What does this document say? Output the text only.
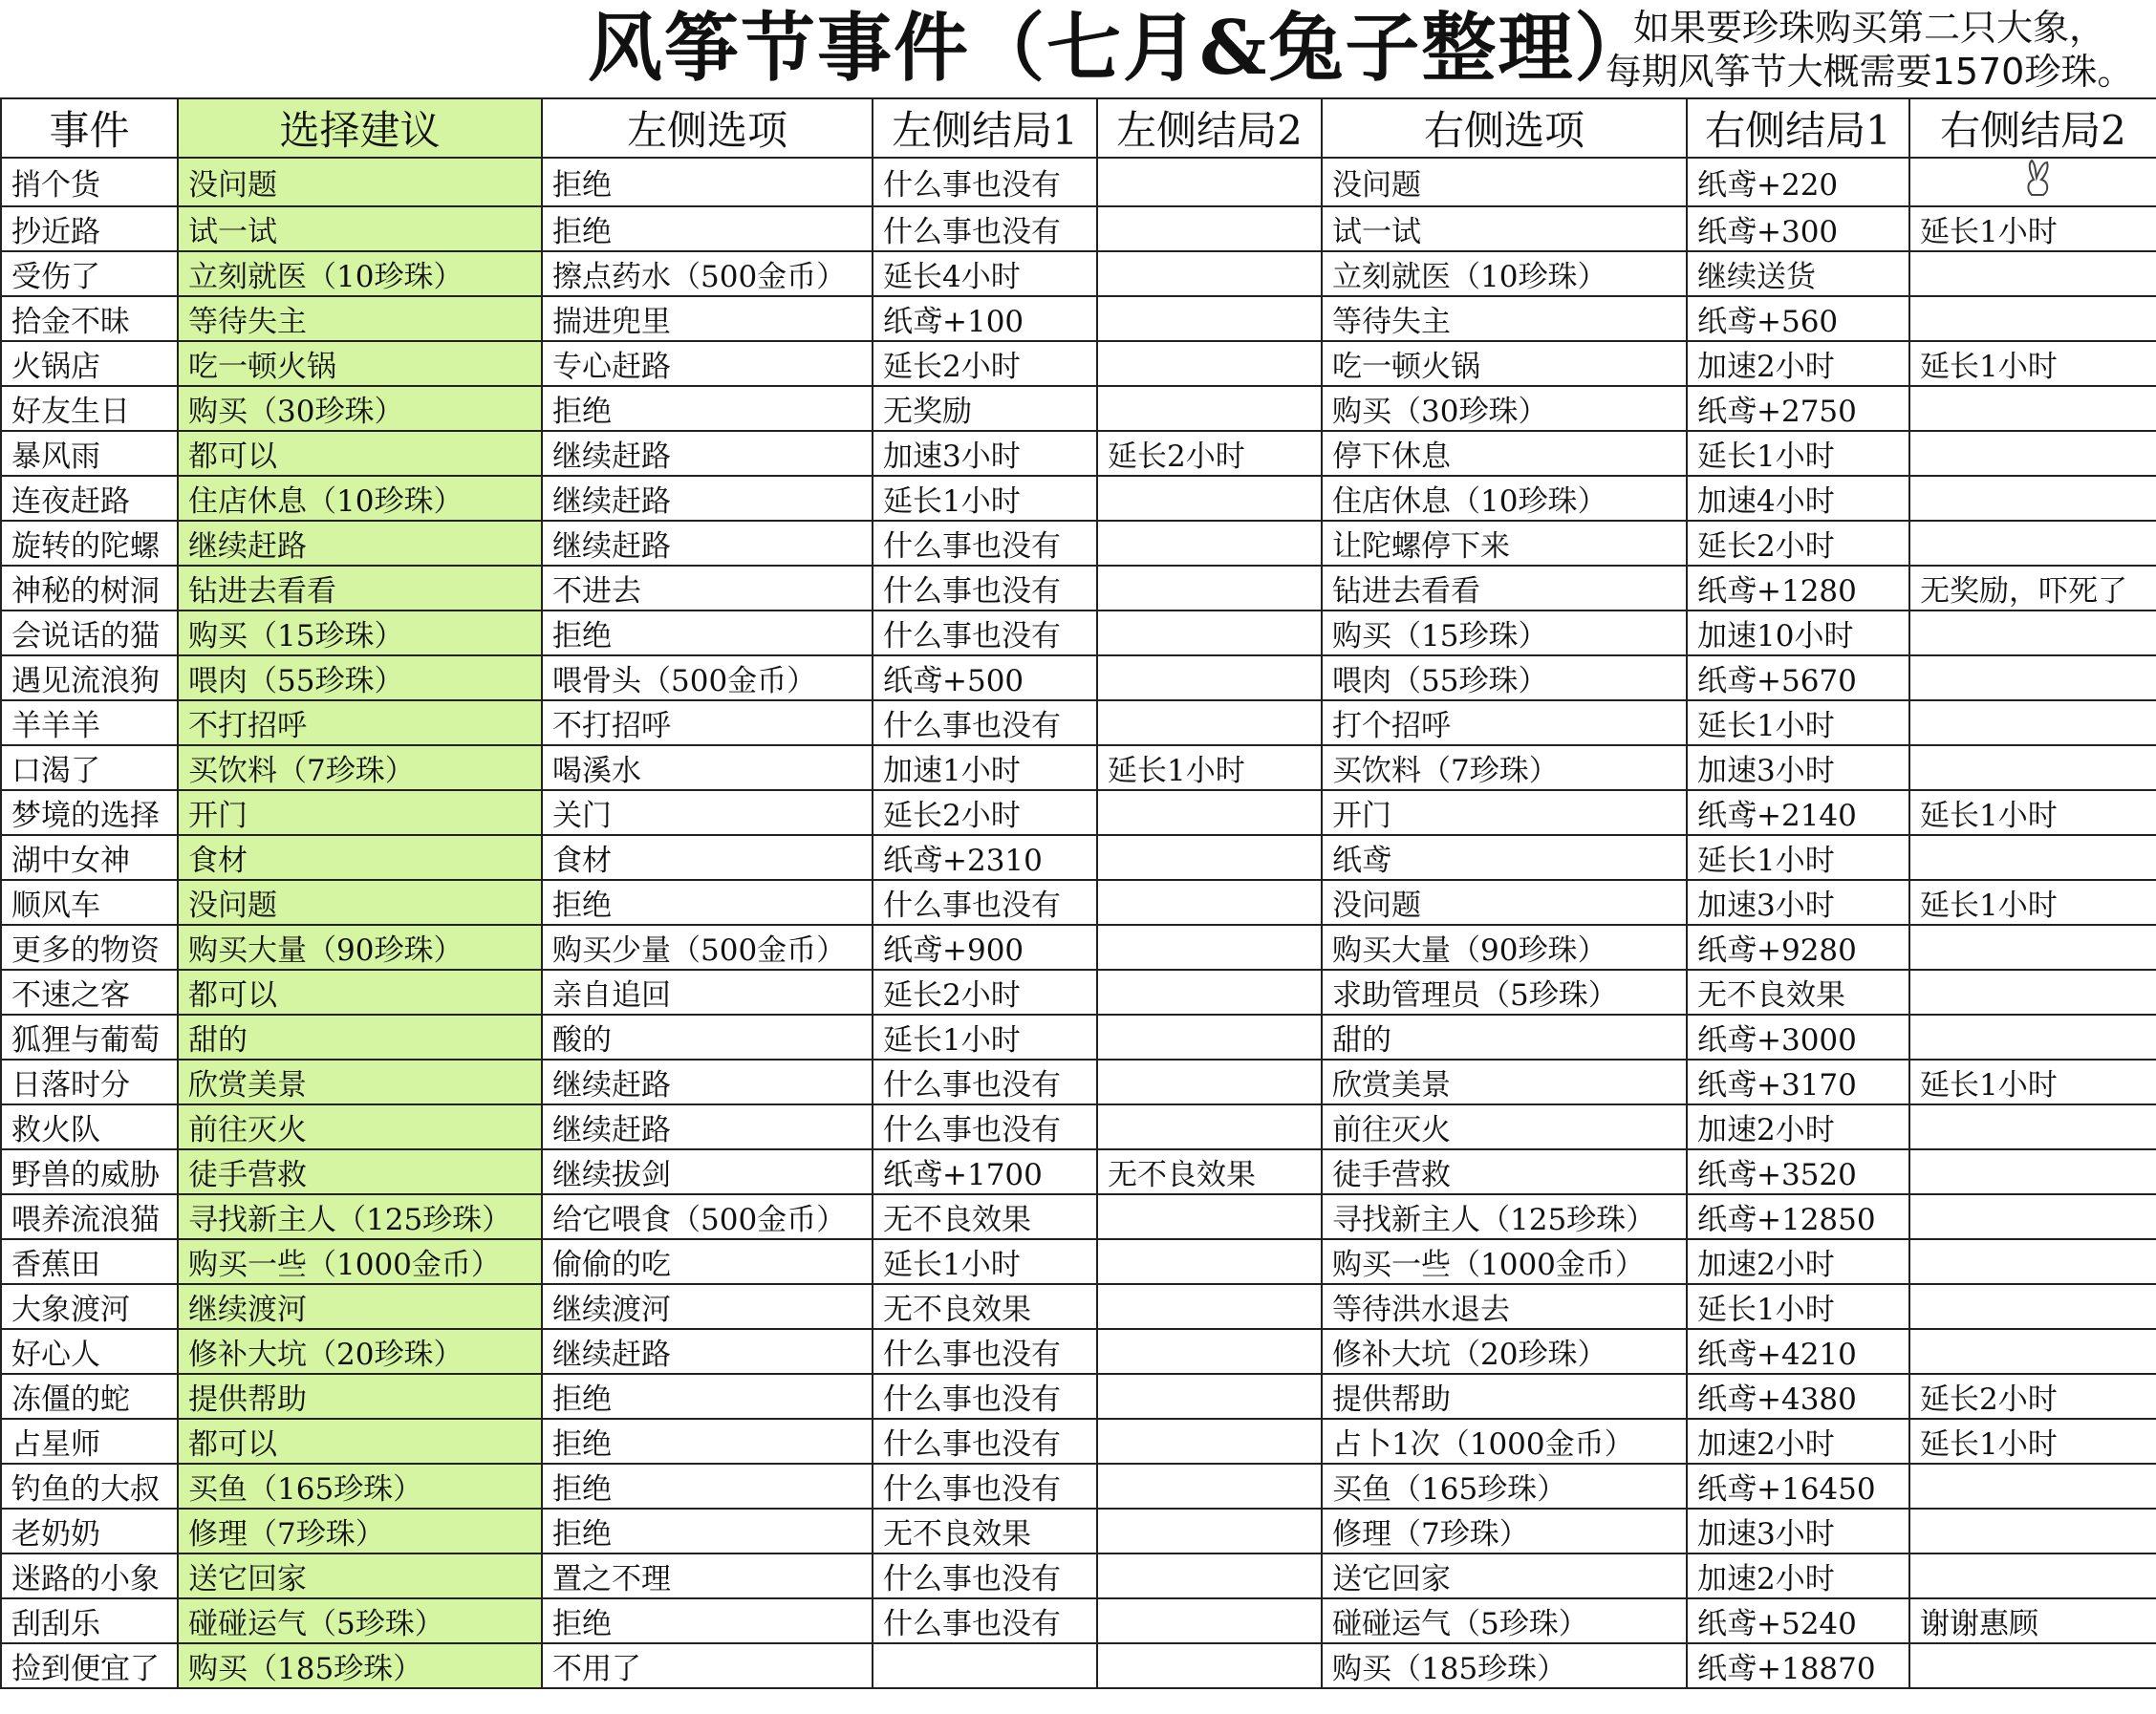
风筝节事件（七月&兔子整理）
如果要珍珠购买第二只大象，
每期风筝节大概需要1570珍珠。
事件	选择建议	左侧选项	左侧结局1	左侧结局2	右侧选项	右侧结局1	右侧结局2
捎个货	没问题	拒绝	什么事也没有		没问题	纸鸢+220	
抄近路	试一试	拒绝	什么事也没有		试一试	纸鸢+300	延长1小时
受伤了	立刻就医（10珍珠）	擦点药水（500金币）	延长4小时		立刻就医（10珍珠）	继续送货	
拾金不昧	等待失主	揣进兜里	纸鸢+100		等待失主	纸鸢+560	
火锅店	吃一顿火锅	专心赶路	延长2小时		吃一顿火锅	加速2小时	延长1小时
好友生日	购买（30珍珠）	拒绝	无奖励		购买（30珍珠）	纸鸢+2750	
暴风雨	都可以	继续赶路	加速3小时	延长2小时	停下休息	延长1小时	
连夜赶路	住店休息（10珍珠）	继续赶路	延长1小时		住店休息（10珍珠）	加速4小时	
旋转的陀螺	继续赶路	继续赶路	什么事也没有		让陀螺停下来	延长2小时	
神秘的树洞	钻进去看看	不进去	什么事也没有		钻进去看看	纸鸢+1280	无奖励，吓死了
会说话的猫	购买（15珍珠）	拒绝	什么事也没有		购买（15珍珠）	加速10小时	
遇见流浪狗	喂肉（55珍珠）	喂骨头（500金币）	纸鸢+500		喂肉（55珍珠）	纸鸢+5670	
羊羊羊	不打招呼	不打招呼	什么事也没有		打个招呼	延长1小时	
口渴了	买饮料（7珍珠）	喝溪水	加速1小时	延长1小时	买饮料（7珍珠）	加速3小时	
梦境的选择	开门	关门	延长2小时		开门	纸鸢+2140	延长1小时
湖中女神	食材	食材	纸鸢+2310		纸鸢	延长1小时	
顺风车	没问题	拒绝	什么事也没有		没问题	加速3小时	延长1小时
更多的物资	购买大量（90珍珠）	购买少量（500金币）	纸鸢+900		购买大量（90珍珠）	纸鸢+9280	
不速之客	都可以	亲自追回	延长2小时		求助管理员（5珍珠）	无不良效果	
狐狸与葡萄	甜的	酸的	延长1小时		甜的	纸鸢+3000	
日落时分	欣赏美景	继续赶路	什么事也没有		欣赏美景	纸鸢+3170	延长1小时
救火队	前往灭火	继续赶路	什么事也没有		前往灭火	加速2小时	
野兽的威胁	徒手营救	继续拔剑	纸鸢+1700	无不良效果	徒手营救	纸鸢+3520	
喂养流浪猫	寻找新主人（125珍珠）	给它喂食（500金币）	无不良效果		寻找新主人（125珍珠）	纸鸢+12850	
香蕉田	购买一些（1000金币）	偷偷的吃	延长1小时		购买一些（1000金币）	加速2小时	
大象渡河	继续渡河	继续渡河	无不良效果		等待洪水退去	延长1小时	
好心人	修补大坑（20珍珠）	继续赶路	什么事也没有		修补大坑（20珍珠）	纸鸢+4210	
冻僵的蛇	提供帮助	拒绝	什么事也没有		提供帮助	纸鸢+4380	延长2小时
占星师	都可以	拒绝	什么事也没有		占卜1次（1000金币）	加速2小时	延长1小时
钓鱼的大叔	买鱼（165珍珠）	拒绝	什么事也没有		买鱼（165珍珠）	纸鸢+16450	
老奶奶	修理（7珍珠）	拒绝	无不良效果		修理（7珍珠）	加速3小时	
迷路的小象	送它回家	置之不理	什么事也没有		送它回家	加速2小时	
刮刮乐	碰碰运气（5珍珠）	拒绝	什么事也没有		碰碰运气（5珍珠）	纸鸢+5240	谢谢惠顾
捡到便宜了	购买（185珍珠）	不用了			购买（185珍珠）	纸鸢+18870	
